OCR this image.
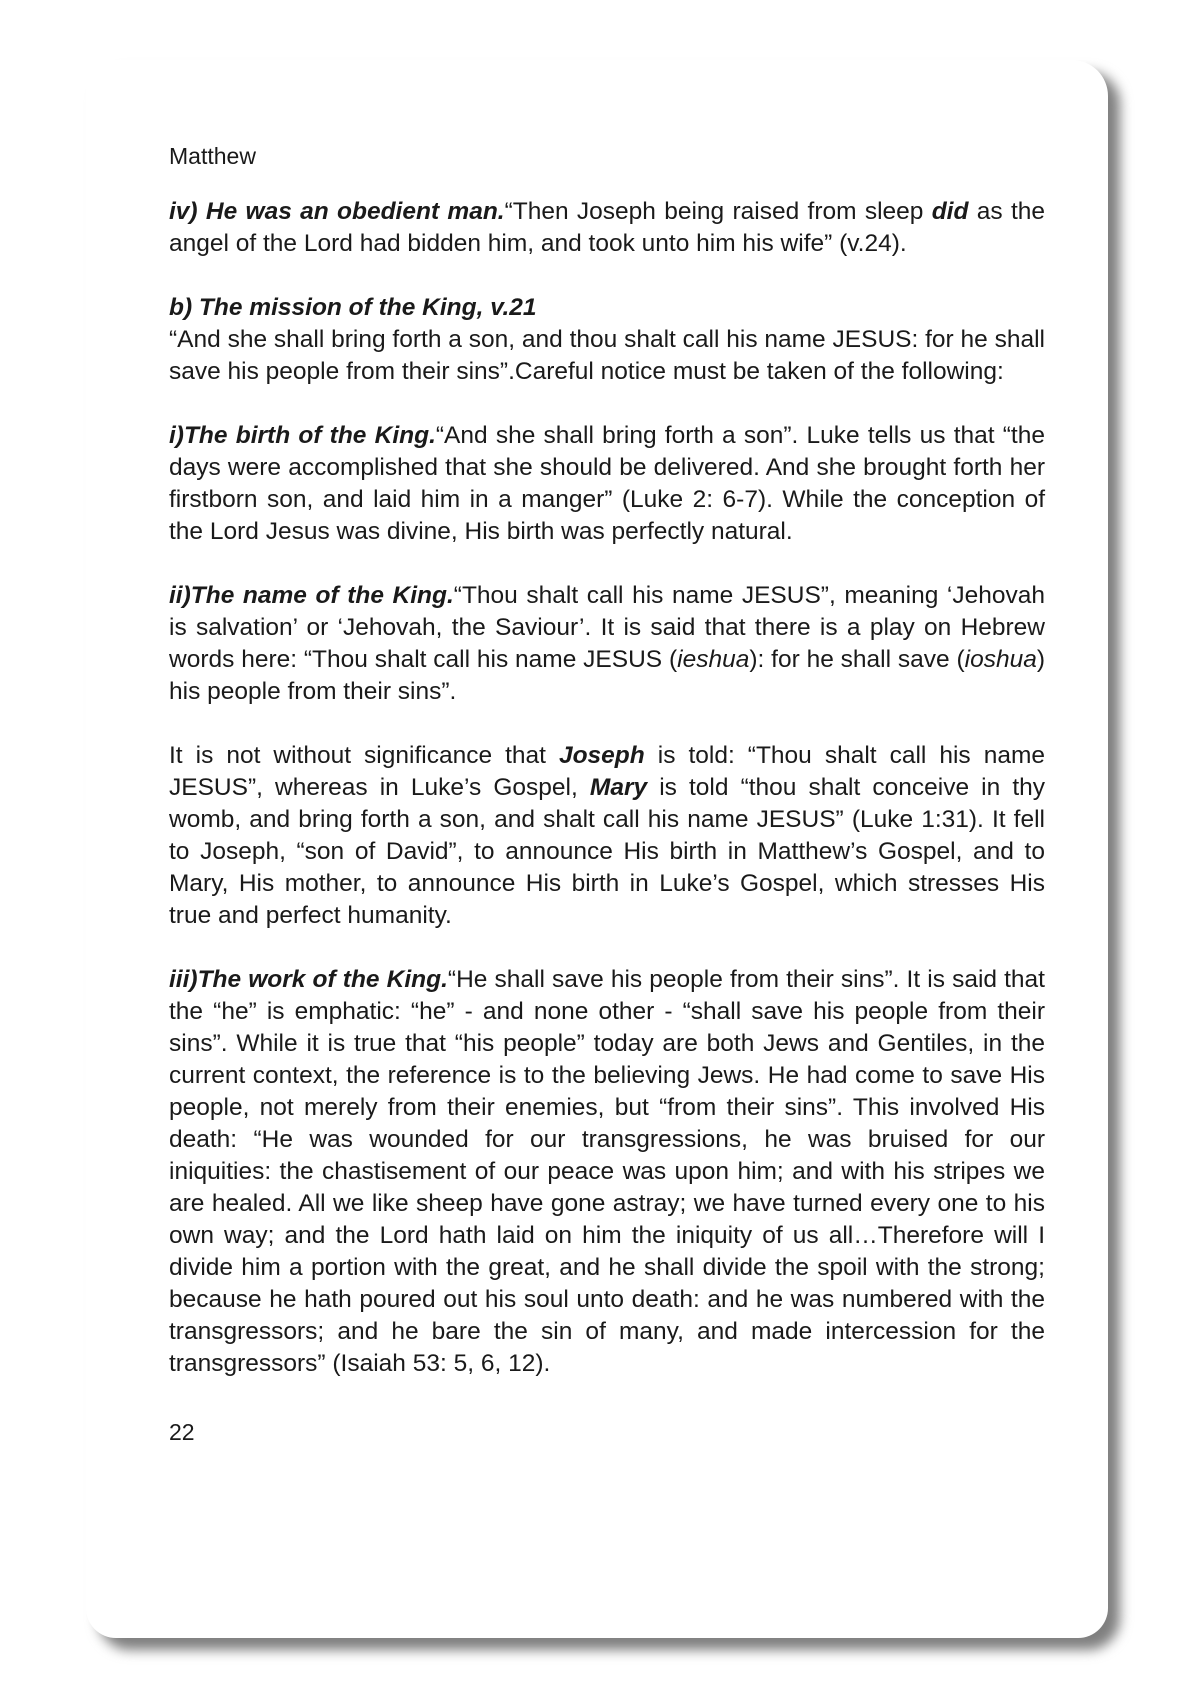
Matthew

iv) He was an obedient man.“Then Joseph being raised from sleep did as the angel of the Lord had bidden him, and took unto him his wife” (v.24).

b) The mission of the King, v.21
“And she shall bring forth a son, and thou shalt call his name JESUS: for he shall save his people from their sins”.Careful notice must be taken of the following:

i)The birth of the King.“And she shall bring forth a son”. Luke tells us that “the days were accomplished that she should be delivered. And she brought forth her firstborn son, and laid him in a manger” (Luke 2: 6-7). While the conception of the Lord Jesus was divine, His birth was perfectly natural.

ii)The name of the King.“Thou shalt call his name JESUS”, meaning ‘Jehovah is salvation’ or ‘Jehovah, the Saviour’. It is said that there is a play on Hebrew words here: “Thou shalt call his name JESUS (ieshua): for he shall save (ioshua) his people from their sins”.

It is not without significance that Joseph is told: “Thou shalt call his name JESUS”, whereas in Luke’s Gospel, Mary is told “thou shalt conceive in thy womb, and bring forth a son, and shalt call his name JESUS” (Luke 1:31). It fell to Joseph, “son of David”, to announce His birth in Matthew’s Gospel, and to Mary, His mother, to announce His birth in Luke’s Gospel, which stresses His true and perfect humanity.

iii)The work of the King.“He shall save his people from their sins”. It is said that the “he” is emphatic: “he” - and none other - “shall save his people from their sins”. While it is true that “his people” today are both Jews and Gentiles, in the current context, the reference is to the believing Jews. He had come to save His people, not merely from their enemies, but “from their sins”. This involved His death: “He was wounded for our transgressions, he was bruised for our iniquities: the chastisement of our peace was upon him; and with his stripes we are healed. All we like sheep have gone astray; we have turned every one to his own way; and the Lord hath laid on him the iniquity of us all…Therefore will I divide him a portion with the great, and he shall divide the spoil with the strong; because he hath poured out his soul unto death: and he was numbered with the transgressors; and he bare the sin of many, and made intercession for the transgressors” (Isaiah 53: 5, 6, 12).

22
